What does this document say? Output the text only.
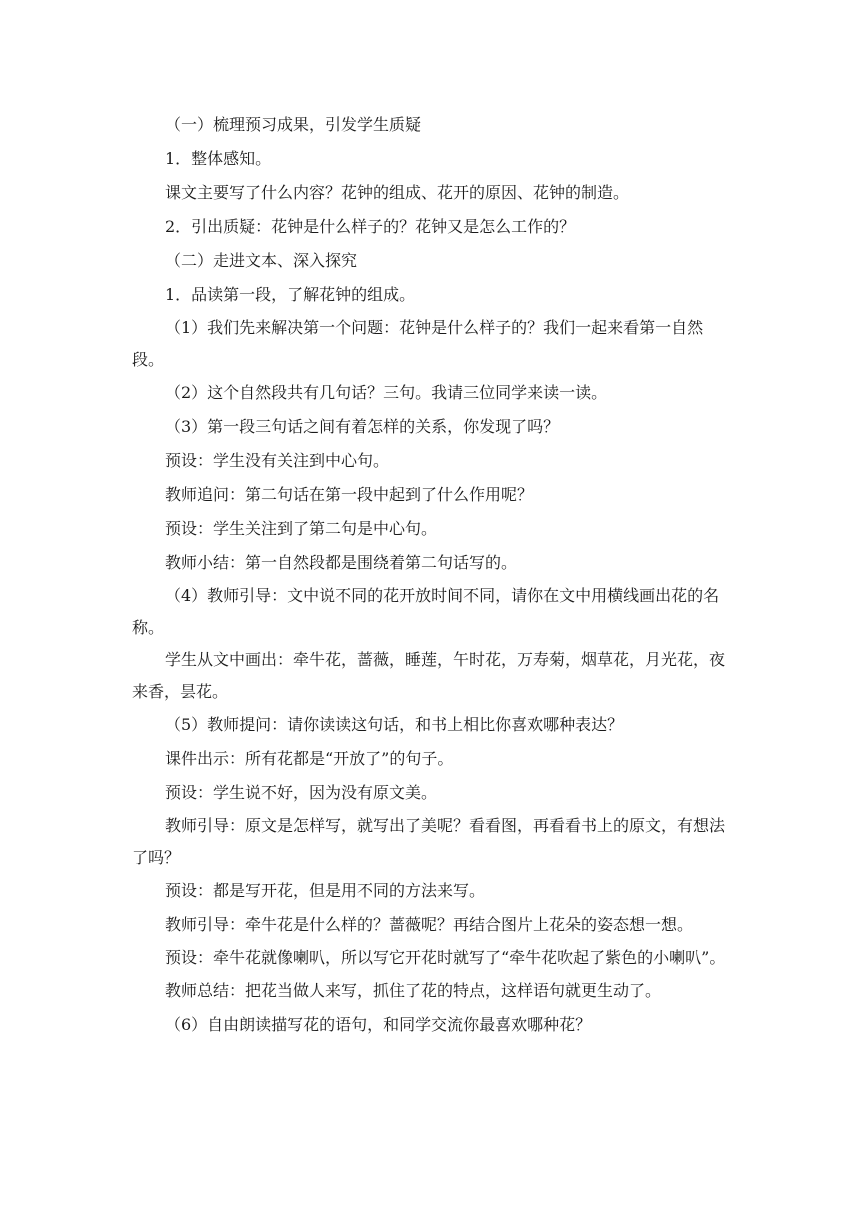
（一）梳理预习成果，引发学生质疑

1．整体感知。

课文主要写了什么内容？花钟的组成、花开的原因、花钟的制造。

2．引出质疑：花钟是什么样子的？花钟又是怎么工作的？

（二）走进文本、深入探究

1．品读第一段，了解花钟的组成。

（1）我们先来解决第一个问题：花钟是什么样子的？我们一起来看第一自然段。

（2）这个自然段共有几句话？三句。我请三位同学来读一读。

（3）第一段三句话之间有着怎样的关系，你发现了吗？

预设：学生没有关注到中心句。

教师追问：第二句话在第一段中起到了什么作用呢？

预设：学生关注到了第二句是中心句。

教师小结：第一自然段都是围绕着第二句话写的。

（4）教师引导：文中说不同的花开放时间不同，请你在文中用横线画出花的名称。

学生从文中画出：牵牛花，蔷薇，睡莲，午时花，万寿菊，烟草花，月光花，夜来香，昙花。

（5）教师提问：请你读读这句话，和书上相比你喜欢哪种表达？

课件出示：所有花都是“开放了”的句子。

预设：学生说不好，因为没有原文美。

教师引导：原文是怎样写，就写出了美呢？看看图，再看看书上的原文，有想法了吗？

预设：都是写开花，但是用不同的方法来写。

教师引导：牵牛花是什么样的？蔷薇呢？再结合图片上花朵的姿态想一想。

预设：牵牛花就像喇叭，所以写它开花时就写了“牵牛花吹起了紫色的小喇叭”。

教师总结：把花当做人来写，抓住了花的特点，这样语句就更生动了。

（6）自由朗读描写花的语句，和同学交流你最喜欢哪种花？
